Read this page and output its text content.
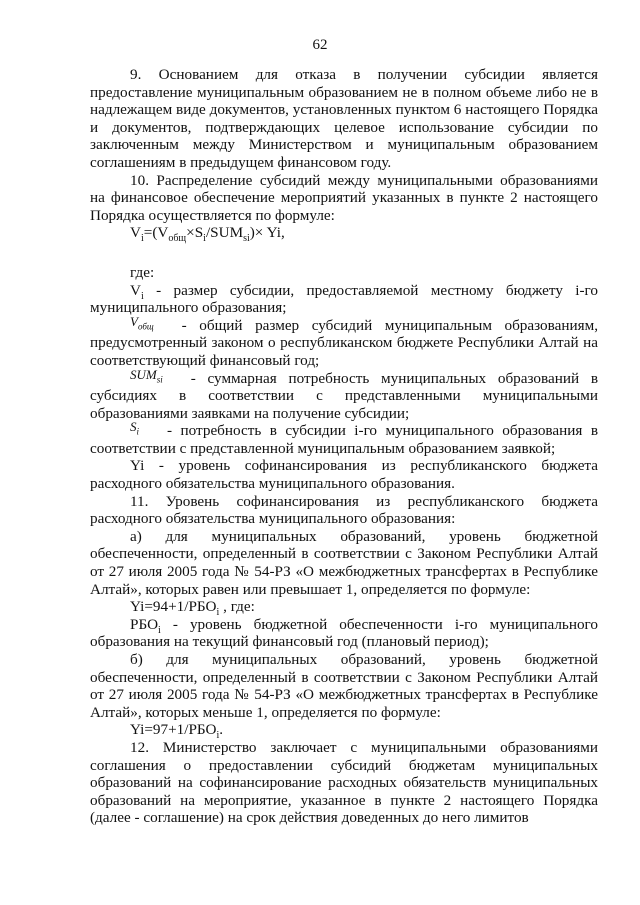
62

9. Основанием для отказа в получении субсидии является предоставление муниципальным образованием не в полном объеме либо не в надлежащем виде документов, установленных пунктом 6 настоящего Порядка и документов, подтверждающих целевое использование субсидии по заключенным между Министерством и муниципальным образованием соглашениям в предыдущем финансовом году.

10. Распределение субсидий между муниципальными образованиями на финансовое обеспечение мероприятий указанных в пункте 2 настоящего Порядка осуществляется по формуле:

$V_i=(V_{общ}\times S_i/SUM_{si})\times Yi$,

где:

$V_i$ - размер субсидии, предоставляемой местному бюджету i-го муниципального образования;

$V_{общ}$ - общий размер субсидий муниципальным образованиям, предусмотренный законом о республиканском бюджете Республики Алтай на соответствующий финансовый год;

$SUM_{si}$ - суммарная потребность муниципальных образований в субсидиях в соответствии с представленными муниципальными образованиями заявками на получение субсидии;

$S_i$ - потребность в субсидии i-го муниципального образования в соответствии с представленной муниципальным образованием заявкой;

Yi - уровень софинансирования из республиканского бюджета расходного обязательства муниципального образования.

11. Уровень софинансирования из республиканского бюджета расходного обязательства муниципального образования:

а) для муниципальных образований, уровень бюджетной обеспеченности, определенный в соответствии с Законом Республики Алтай от 27 июля 2005 года № 54-РЗ «О межбюджетных трансфертах в Республике Алтай», которых равен или превышает 1, определяется по формуле:

$Yi=94+1/РБО_i$ , где:

$РБО_i$ - уровень бюджетной обеспеченности i-го муниципального образования на текущий финансовый год (плановый период);

б) для муниципальных образований, уровень бюджетной обеспеченности, определенный в соответствии с Законом Республики Алтай от 27 июля 2005 года № 54-РЗ «О межбюджетных трансфертах в Республике Алтай», которых меньше 1, определяется по формуле:

$Yi=97+1/РБО_i$.

12. Министерство заключает с муниципальными образованиями соглашения о предоставлении субсидий бюджетам муниципальных образований на софинансирование расходных обязательств муниципальных образований на мероприятие, указанное в пункте 2 настоящего Порядка (далее - соглашение) на срок действия доведенных до него лимитов
